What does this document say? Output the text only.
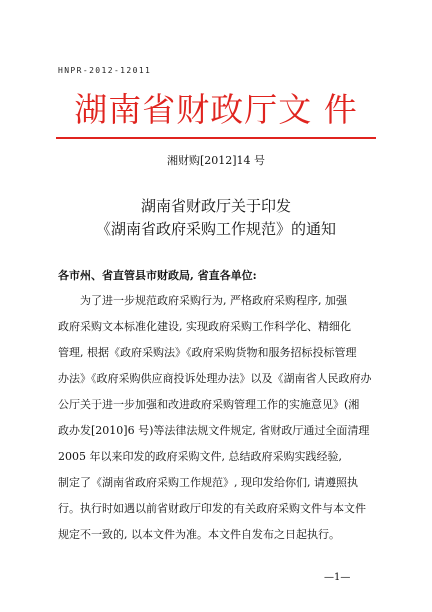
HNPR-2012-12011
湖南省财政厅文 件
湘财购[2012]14 号
湖南省财政厅关于印发
《湖南省政府采购工作规范》的通知
各市州、省直管县市财政局, 省直各单位:
为了进一步规范政府采购行为, 严格政府采购程序, 加强
政府采购文本标准化建设, 实现政府采购工作科学化、精细化
管理, 根据《政府采购法》《政府采购货物和服务招标投标管理
办法》《政府采购供应商投诉处理办法》以及《湖南省人民政府办
公厅关于进一步加强和改进政府采购管理工作的实施意见》(湘
政办发[2010]6 号)等法律法规文件规定, 省财政厅通过全面清理
2005 年以来印发的政府采购文件, 总结政府采购实践经验,
制定了《湖南省政府采购工作规范》, 现印发给你们, 请遵照执
行。执行时如遇以前省财政厅印发的有关政府采购文件与本文件
规定不一致的, 以本文件为准。本文件自发布之日起执行。
—1—
